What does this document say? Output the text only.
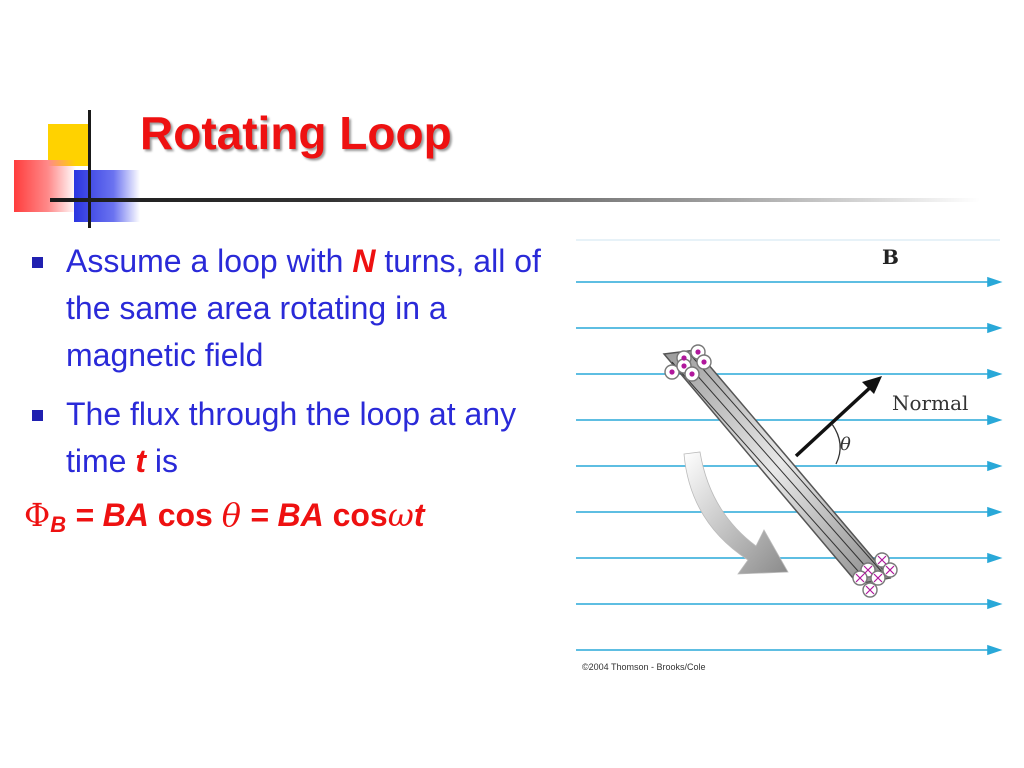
Rotating Loop
Assume a loop with N turns, all of the same area rotating in a magnetic field
The flux through the loop at any time t is
$\Phi_B$ = BA cos θ = BA cosωt
B
Normal
θ
©2004 Thomson - Brooks/Cole
